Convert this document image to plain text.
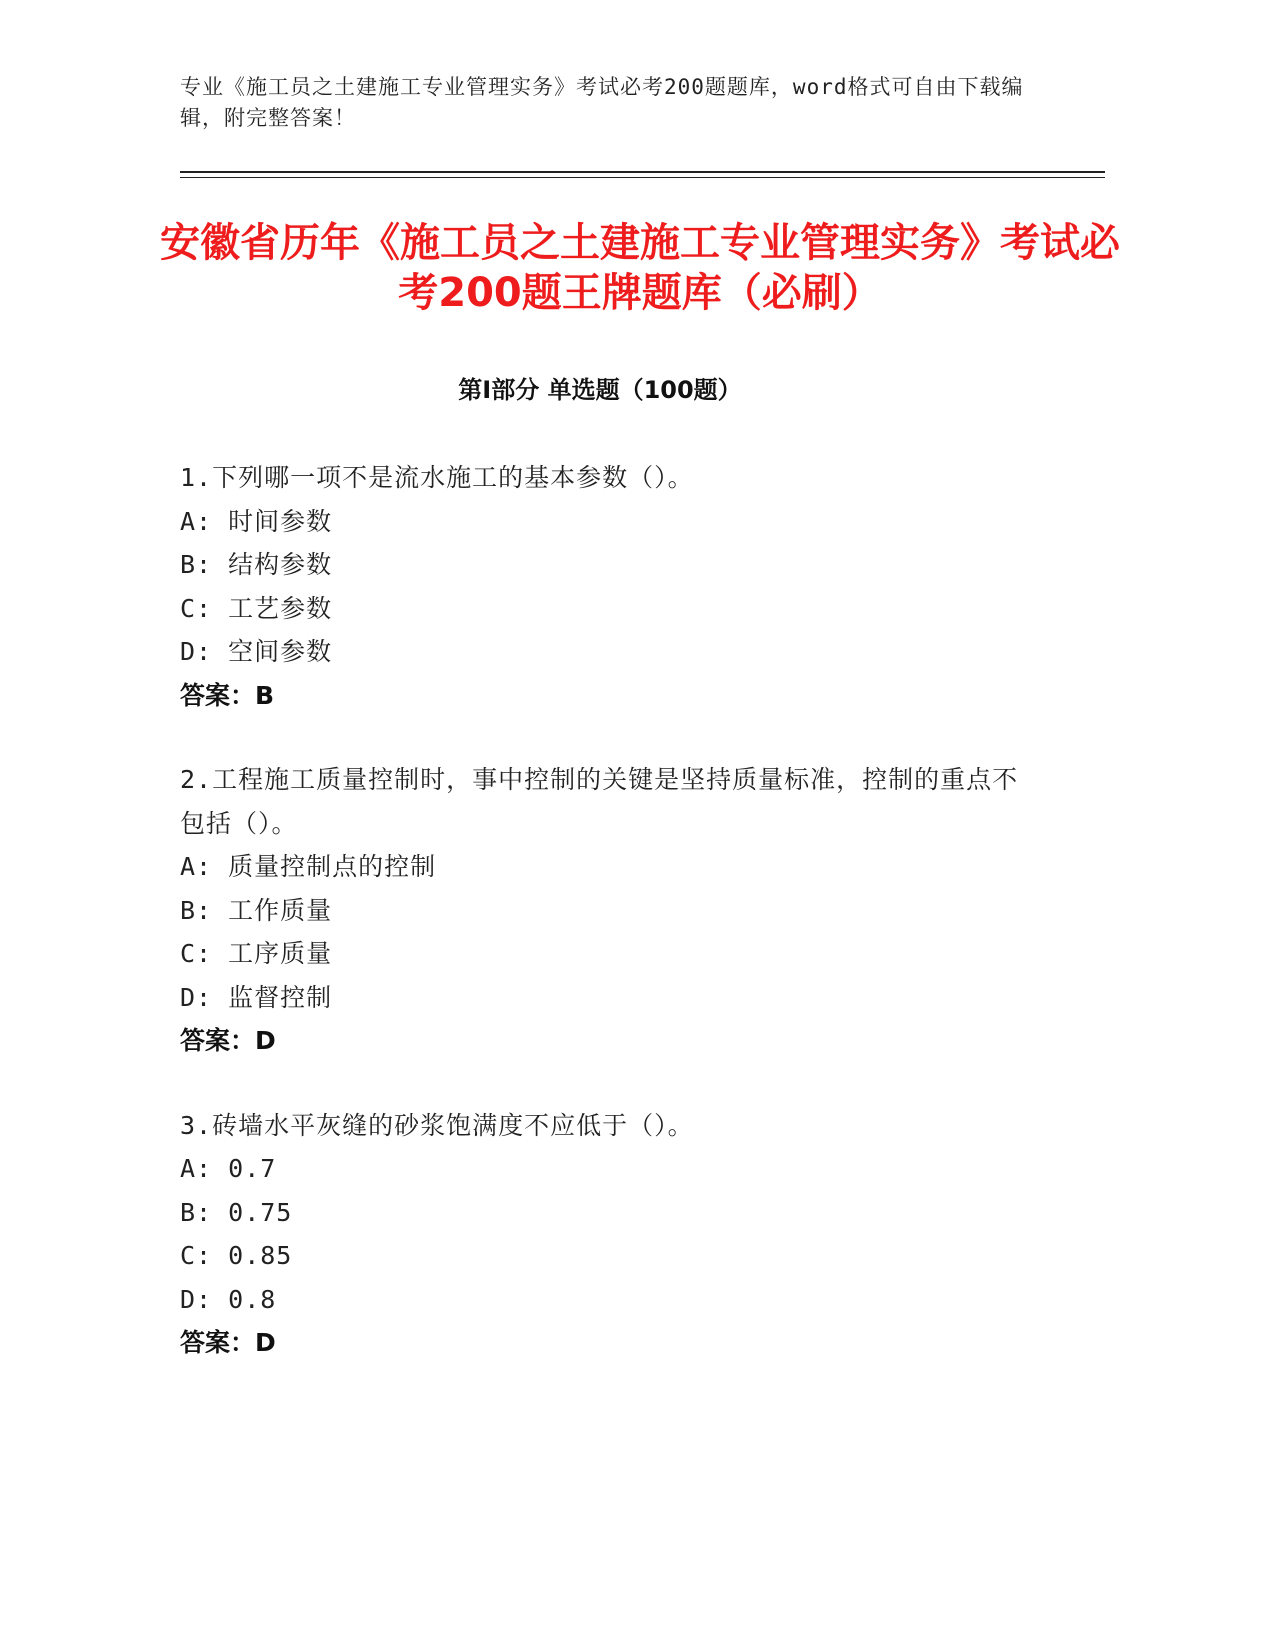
专业《施工员之土建施工专业管理实务》考试必考200题题库，word格式可自由下载编辑，附完整答案！
安徽省历年《施工员之土建施工专业管理实务》考试必考200题王牌题库（必刷）
第I部分 单选题（100题）
1.下列哪一项不是流水施工的基本参数（）。
A: 时间参数
B: 结构参数
C: 工艺参数
D: 空间参数
答案：B
2.工程施工质量控制时，事中控制的关键是坚持质量标准，控制的重点不包括（）。
A: 质量控制点的控制
B: 工作质量
C: 工序质量
D: 监督控制
答案：D
3.砖墙水平灰缝的砂浆饱满度不应低于（）。
A: 0.7
B: 0.75
C: 0.85
D: 0.8
答案：D
